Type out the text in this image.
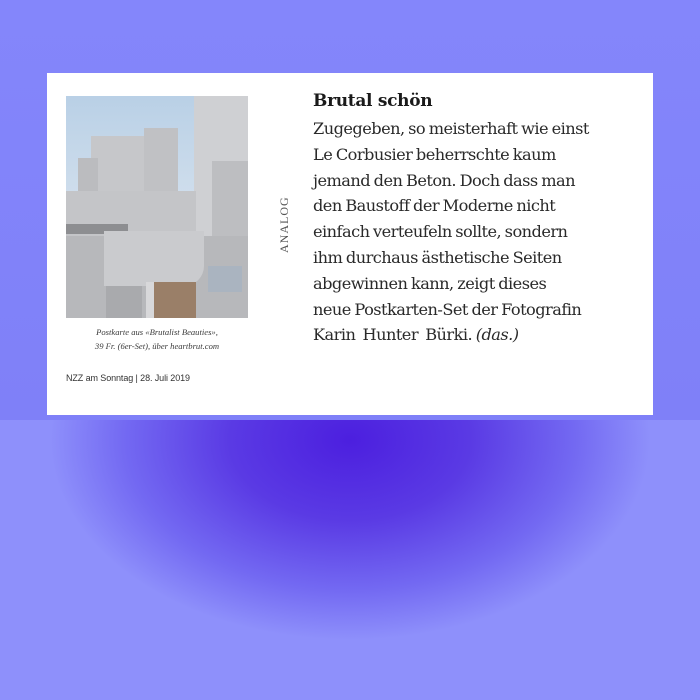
Postkarte aus «Brutalist Beauties»,
39 Fr. (6er-Set), über heartbrut.com
NZZ am Sonntag | 28. Juli 2019
ANALOG
Brutal schön
Zugegeben, so meisterhaft wie einst
Le Corbusier beherrschte kaum
jemand den Beton. Doch dass man
den Baustoff der Moderne nicht
einfach verteufeln sollte, sondern
ihm durchaus ästhetische Seiten
abgewinnen kann, zeigt dieses
neue Postkarten-Set der Fotografin
Karin  Hunter  Bürki. (das.)
